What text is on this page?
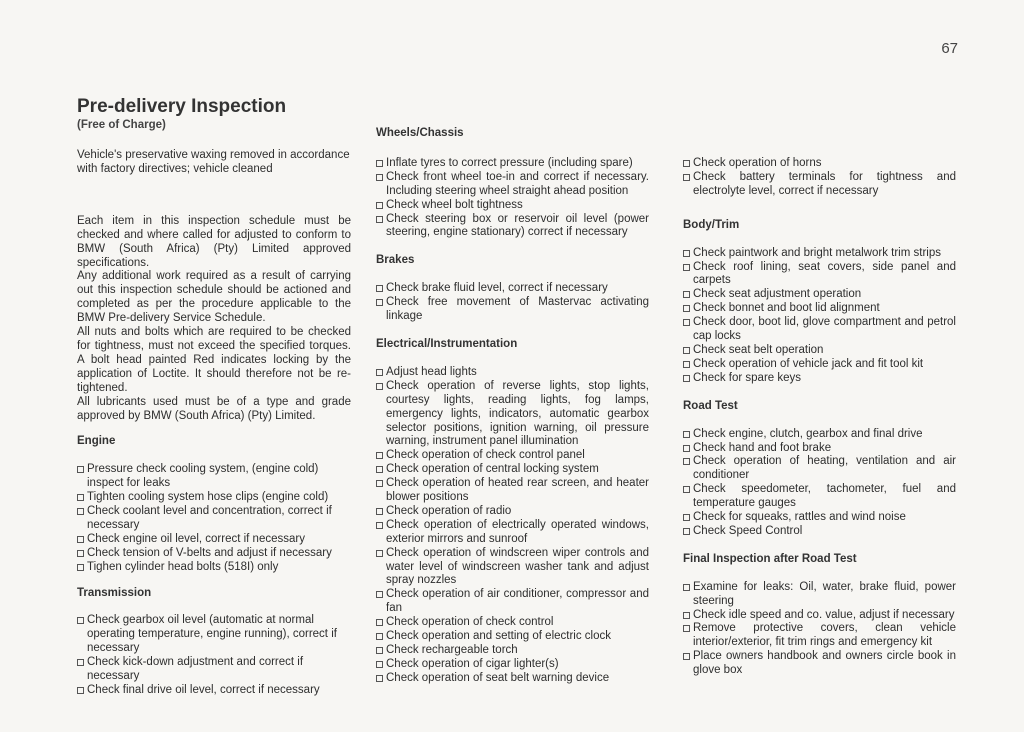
67
Pre-delivery Inspection
(Free of Charge)

Vehicle's preservative waxing removed in accordance with factory directives; vehicle cleaned

Each item in this inspection schedule must be checked and where called for adjusted to conform to BMW (South Africa) (Pty) Limited approved specifications.

Any additional work required as a result of carrying out this inspection schedule should be actioned and completed as per the procedure applicable to the BMW Pre-delivery Service Schedule.

All nuts and bolts which are required to be checked for tightness, must not exceed the specified torques. A bolt head painted Red indicates locking by the application of Loctite. It should therefore not be re-tightened.

All lubricants used must be of a type and grade approved by BMW (South Africa) (Pty) Limited.

Engine
Pressure check cooling system, (engine cold) inspect for leaks
Tighten cooling system hose clips (engine cold)
Check coolant level and concentration, correct if necessary
Check engine oil level, correct if necessary
Check tension of V-belts and adjust if necessary
Tighen cylinder head bolts (518I) only
Transmission
Check gearbox oil level (automatic at normal operating temperature, engine running), correct if necessary
Check kick-down adjustment and correct if necessary
Check final drive oil level, correct if necessary
Wheels/Chassis
Inflate tyres to correct pressure (including spare)
Check front wheel toe-in and correct if necessary. Including steering wheel straight ahead position
Check wheel bolt tightness
Check steering box or reservoir oil level (power steering, engine stationary) correct if necessary
Brakes
Check brake fluid level, correct if necessary
Check free movement of Mastervac activating linkage
Electrical/Instrumentation
Adjust head lights
Check operation of reverse lights, stop lights, courtesy lights, reading lights, fog lamps, emergency lights, indicators, automatic gearbox selector positions, ignition warning, oil pressure warning, instrument panel illumination
Check operation of check control panel
Check operation of central locking system
Check operation of heated rear screen, and heater blower positions
Check operation of radio
Check operation of electrically operated windows, exterior mirrors and sunroof
Check operation of windscreen wiper controls and water level of windscreen washer tank and adjust spray nozzles
Check operation of air conditioner, compressor and fan
Check operation of check control
Check operation and setting of electric clock
Check rechargeable torch
Check operation of cigar lighter(s)
Check operation of seat belt warning device
Check operation of horns
Check battery terminals for tightness and electrolyte level, correct if necessary
Body/Trim
Check paintwork and bright metalwork trim strips
Check roof lining, seat covers, side panel and carpets
Check seat adjustment operation
Check bonnet and boot lid alignment
Check door, boot lid, glove compartment and petrol cap locks
Check seat belt operation
Check operation of vehicle jack and fit tool kit
Check for spare keys
Road Test
Check engine, clutch, gearbox and final drive
Check hand and foot brake
Check operation of heating, ventilation and air conditioner
Check speedometer, tachometer, fuel and temperature gauges
Check for squeaks, rattles and wind noise
Check Speed Control
Final Inspection after Road Test
Examine for leaks: Oil, water, brake fluid, power steering
Check idle speed and co. value, adjust if necessary
Remove protective covers, clean vehicle interior/exterior, fit trim rings and emergency kit
Place owners handbook and owners circle book in glove box
